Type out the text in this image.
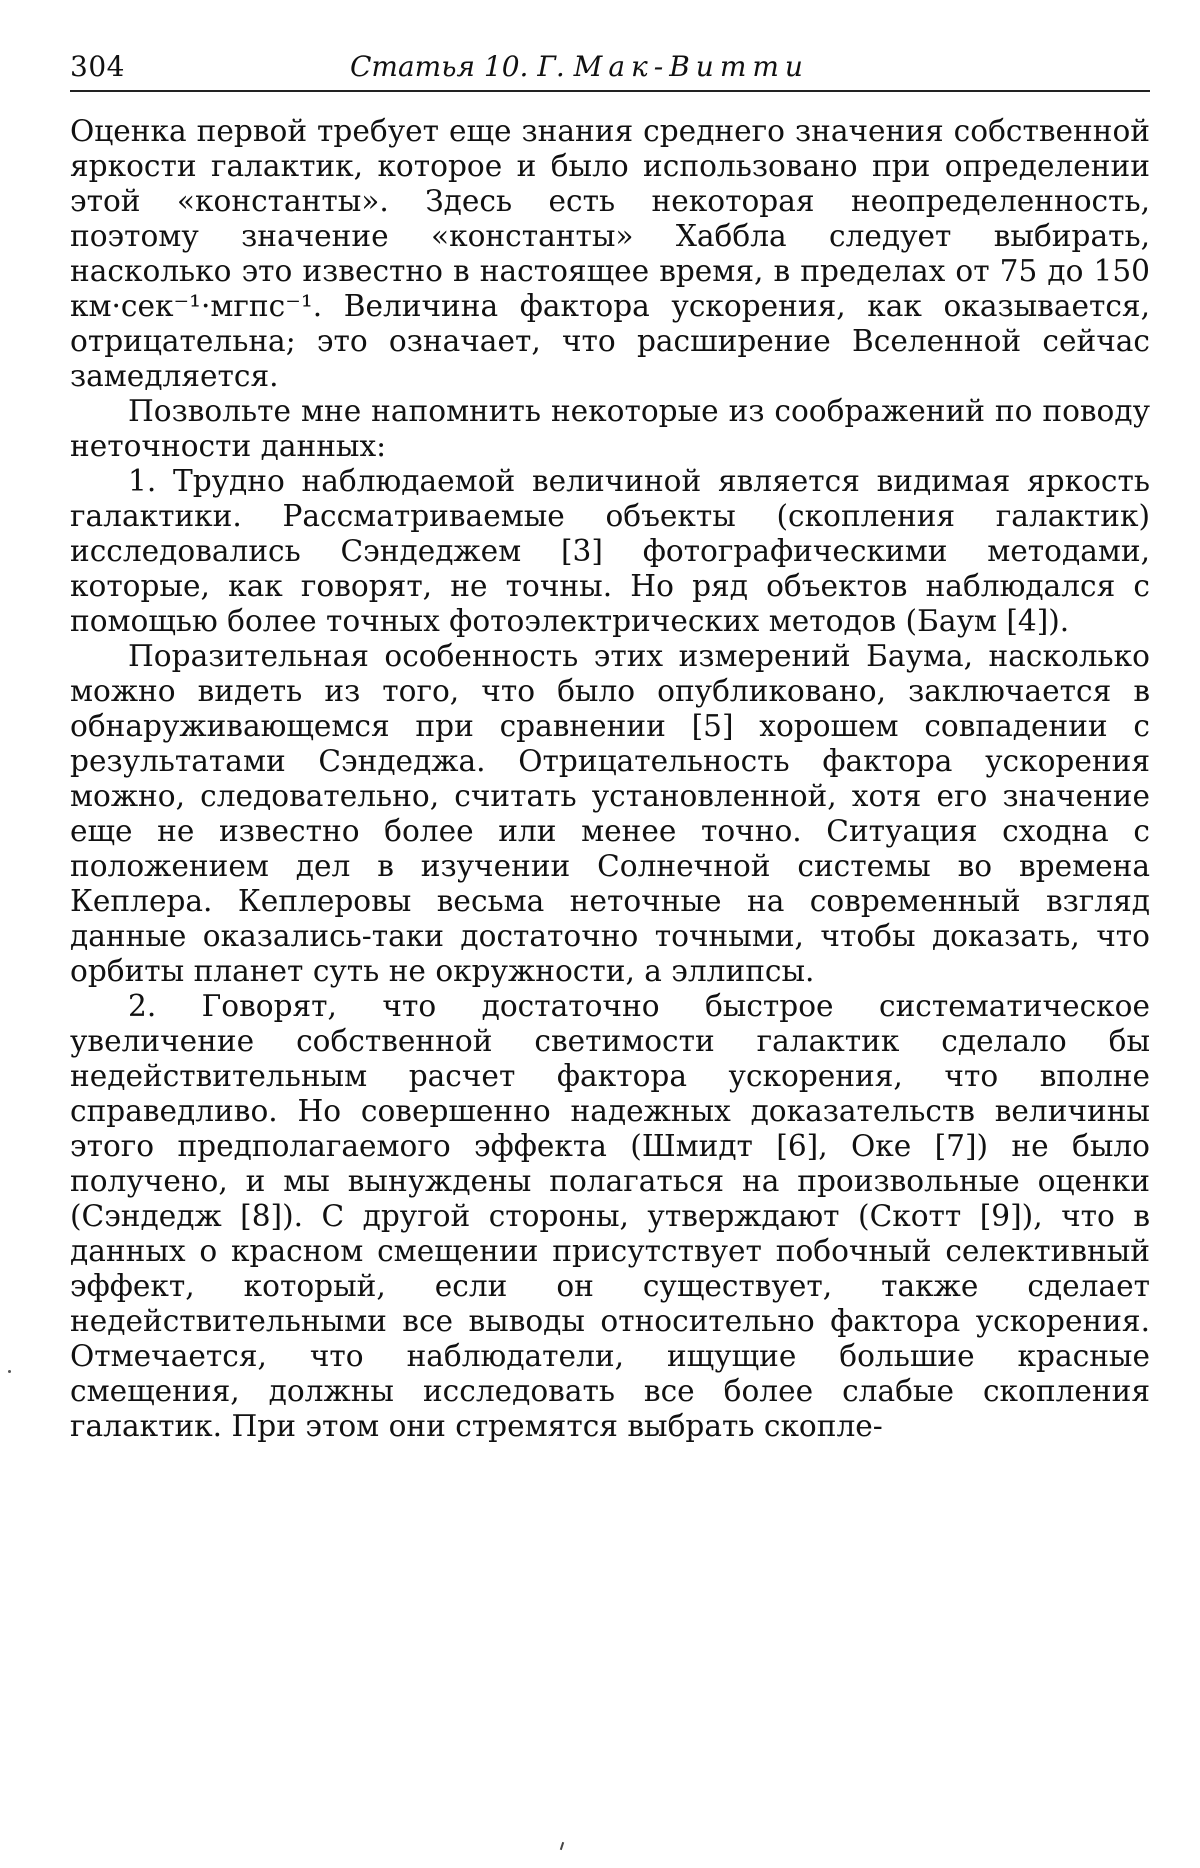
304	Статья 10. Г. Мак-Витти

Оценка первой требует еще знания среднего значения собственной яркости галактик, которое и было использовано при определении этой «константы». Здесь есть некоторая неопределенность, поэтому значение «константы» Хаббла следует выбирать, насколько это известно в настоящее время, в пределах от 75 до 150 км·сек⁻¹·мгпс⁻¹. Величина фактора ускорения, как оказывается, отрицательна; это означает, что расширение Вселенной сейчас замедляется.

Позвольте мне напомнить некоторые из соображений по поводу неточности данных:

1. Трудно наблюдаемой величиной является видимая яркость галактики. Рассматриваемые объекты (скопления галактик) исследовались Сэндеджем [3] фотографическими методами, которые, как говорят, не точны. Но ряд объектов наблюдался с помощью более точных фотоэлектрических методов (Баум [4]).

Поразительная особенность этих измерений Баума, насколько можно видеть из того, что было опубликовано, заключается в обнаруживающемся при сравнении [5] хорошем совпадении с результатами Сэндеджа. Отрицательность фактора ускорения можно, следовательно, считать установленной, хотя его значение еще не известно более или менее точно. Ситуация сходна с положением дел в изучении Солнечной системы во времена Кеплера. Кеплеровы весьма неточные на современный взгляд данные оказались-таки достаточно точными, чтобы доказать, что орбиты планет суть не окружности, а эллипсы.

2. Говорят, что достаточно быстрое систематическое увеличение собственной светимости галактик сделало бы недействительным расчет фактора ускорения, что вполне справедливо. Но совершенно надежных доказательств величины этого предполагаемого эффекта (Шмидт [6], Оке [7]) не было получено, и мы вынуждены полагаться на произвольные оценки (Сэндедж [8]). С другой стороны, утверждают (Скотт [9]), что в данных о красном смещении присутствует побочный селективный эффект, который, если он существует, также сделает недействительными все выводы относительно фактора ускорения. Отмечается, что наблюдатели, ищущие большие красные смещения, должны исследовать все более слабые скопления галактик. При этом они стремятся выбрать скопле-
